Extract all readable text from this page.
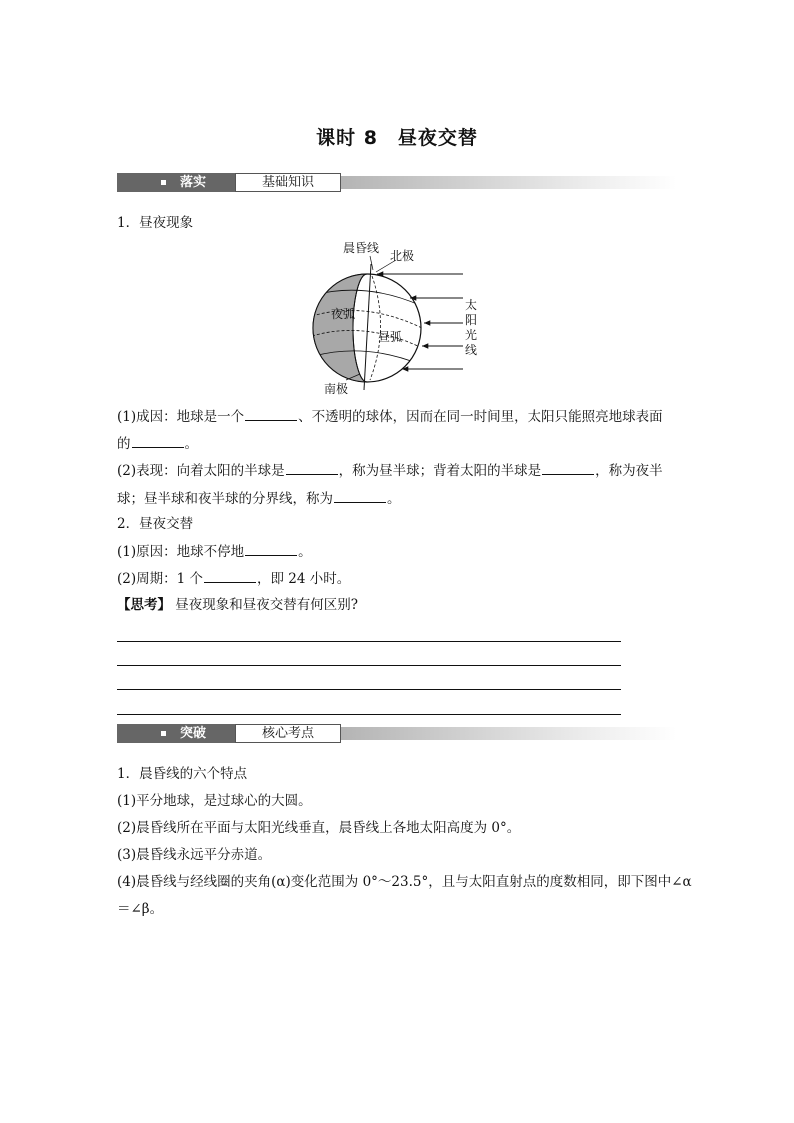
课时 8　昼夜交替
落实	基础知识
1．昼夜现象
晨昏线
北极
夜弧
昼弧
南极
太
阳
光
线
(1)成因：地球是一个	、不透明的球体，因而在同一时间里，太阳只能照亮地球表面
的	。
(2)表现：向着太阳的半球是	，称为昼半球；背着太阳的半球是	，称为夜半
球；昼半球和夜半球的分界线，称为	。
2．昼夜交替
(1)原因：地球不停地	。
(2)周期：1 个	，即 24 小时。
【思考】 昼夜现象和昼夜交替有何区别?
突破	核心考点
1．晨昏线的六个特点
(1)平分地球，是过球心的大圆。
(2)晨昏线所在平面与太阳光线垂直，晨昏线上各地太阳高度为 0°。
(3)晨昏线永远平分赤道。
(4)晨昏线与经线圈的夹角(α)变化范围为 0°～23.5°，且与太阳直射点的度数相同，即下图中∠α
＝∠β。
